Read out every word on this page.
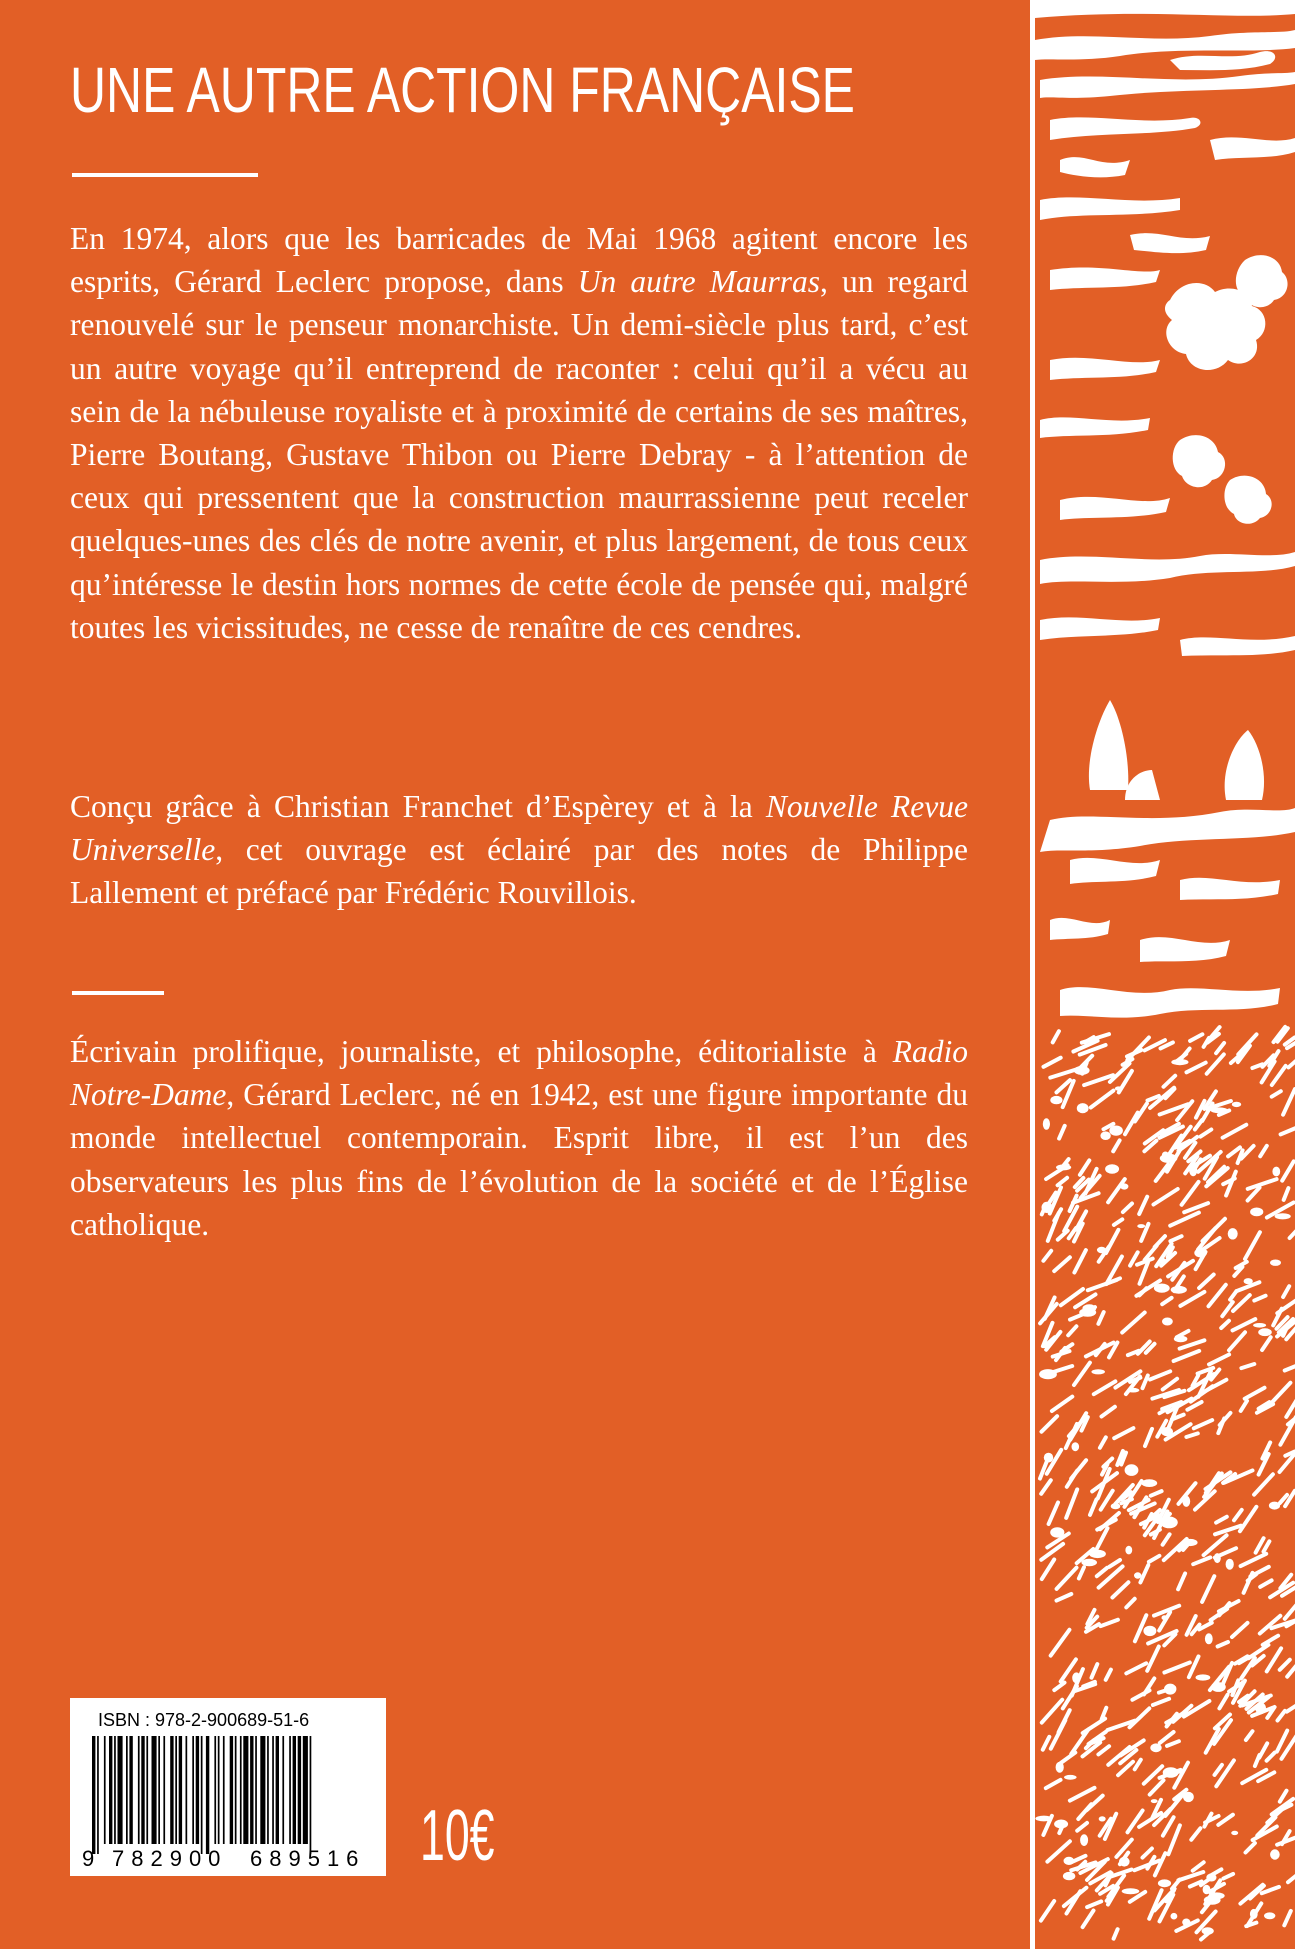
UNE AUTRE ACTION FRANÇAISE

En 1974, alors que les barricades de Mai 1968 agitent encore les esprits, Gérard Leclerc propose, dans Un autre Maurras, un regard renouvelé sur le penseur monarchiste. Un demi-siècle plus tard, c’est un autre voyage qu’il entreprend de raconter : celui qu’il a vécu au sein de la nébuleuse royaliste et à proximité de certains de ses maîtres, Pierre Boutang, Gustave Thibon ou Pierre Debray - à l’attention de ceux qui pressentent que la construction maurrassienne peut receler quelques-unes des clés de notre avenir, et plus largement, de tous ceux qu’intéresse le destin hors normes de cette école de pensée qui, malgré toutes les vicissitudes, ne cesse de renaître de ces cendres.

Conçu grâce à Christian Franchet d’Espèrey et à la Nouvelle Revue Universelle, cet ouvrage est éclairé par des notes de Philippe Lallement et préfacé par Frédéric Rouvillois.

Écrivain prolifique, journaliste, et philosophe, éditorialiste à Radio Notre-Dame, Gérard Leclerc, né en 1942, est une figure importante du monde intellectuel contemporain. Esprit libre, il est l’un des observateurs les plus fins de l’évolution de la société et de l’Église catholique.

ISBN : 978-2-900689-51-6
9 782900 689516 10€
